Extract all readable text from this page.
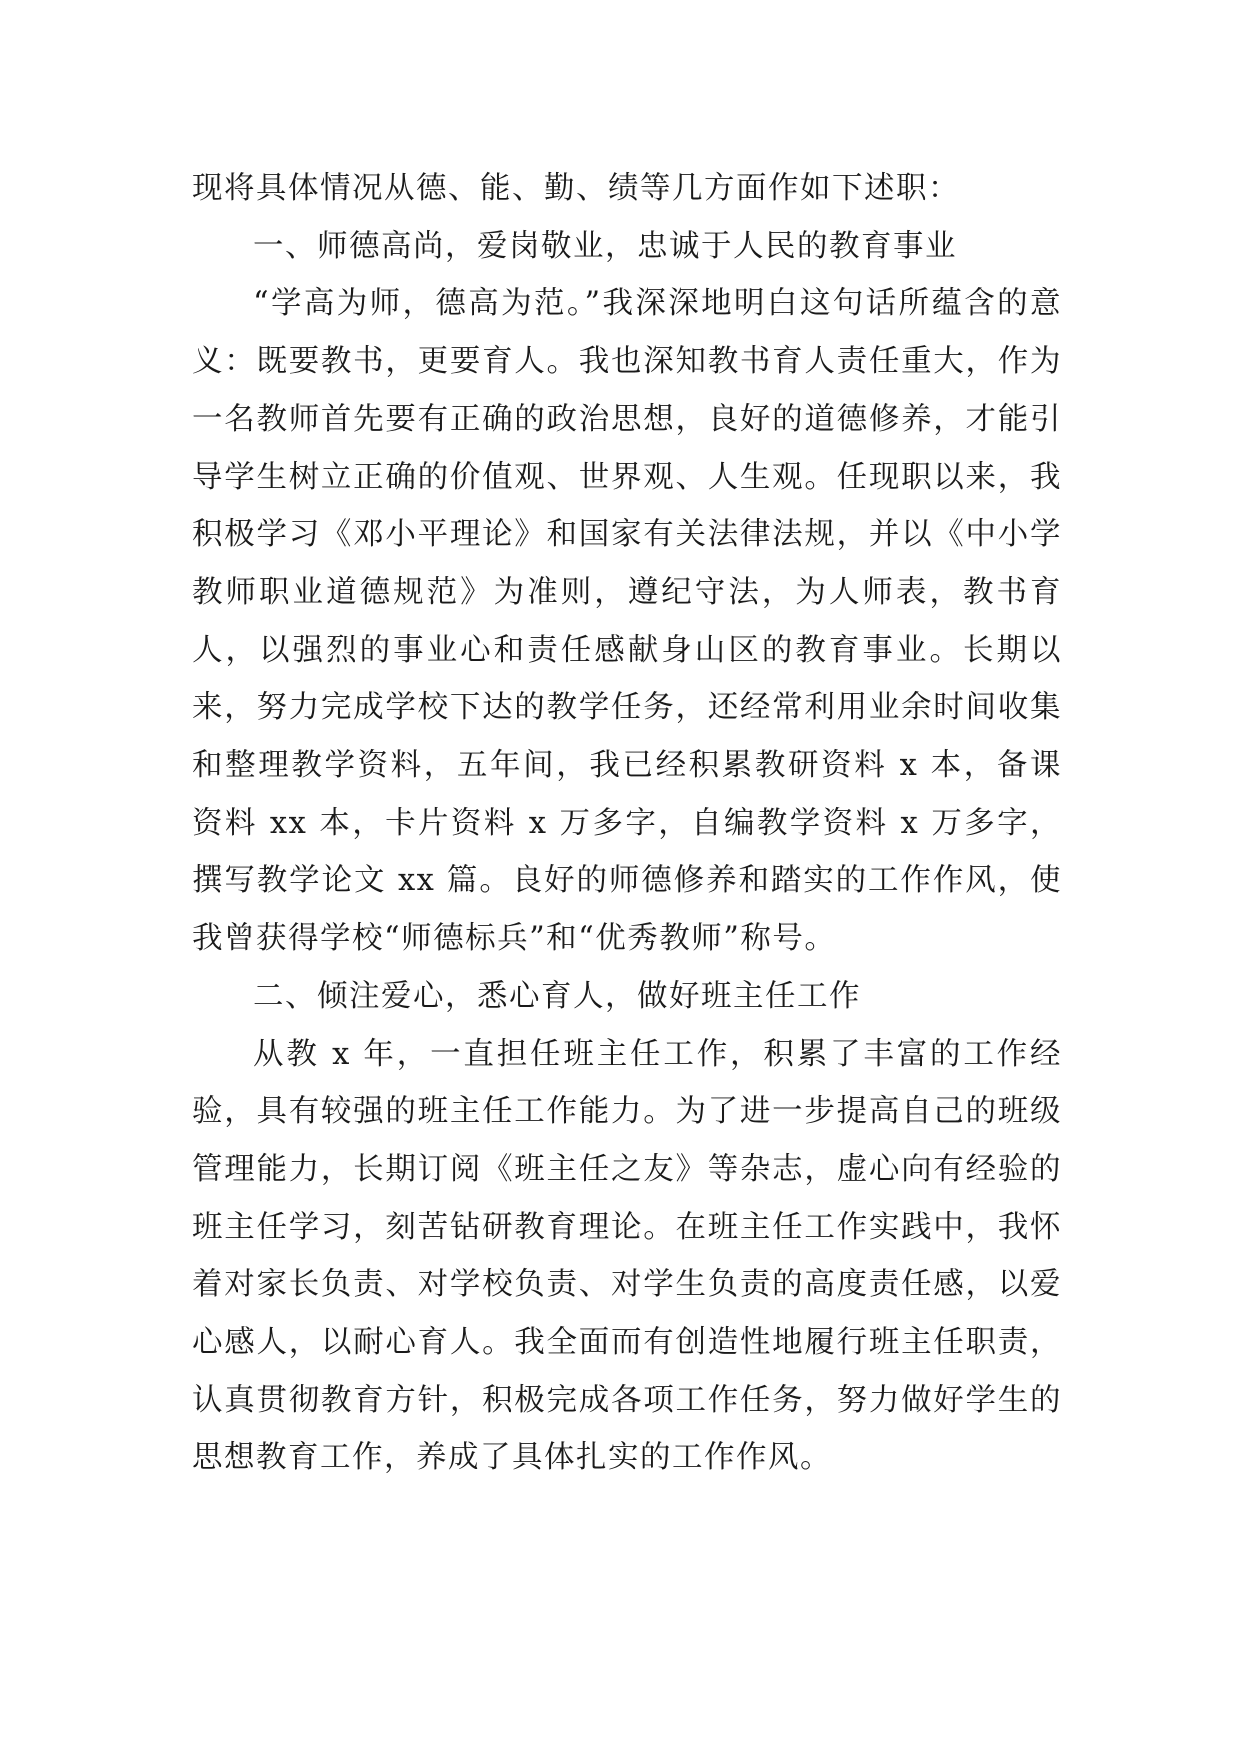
现将具体情况从德、能、勤、绩等几方面作如下述职：

一、师德高尚，爱岗敬业，忠诚于人民的教育事业

“学高为师，德高为范。”我深深地明白这句话所蕴含的意义：既要教书，更要育人。我也深知教书育人责任重大，作为一名教师首先要有正确的政治思想，良好的道德修养，才能引导学生树立正确的价值观、世界观、人生观。任现职以来，我积极学习《邓小平理论》和国家有关法律法规，并以《中小学教师职业道德规范》为准则，遵纪守法，为人师表，教书育人，以强烈的事业心和责任感献身山区的教育事业。长期以来，努力完成学校下达的教学任务，还经常利用业余时间收集和整理教学资料，五年间，我已经积累教研资料 x 本，备课资料 xx 本，卡片资料 x 万多字，自编教学资料 x 万多字，撰写教学论文 xx 篇。良好的师德修养和踏实的工作作风，使我曾获得学校“师德标兵”和“优秀教师”称号。

二、倾注爱心，悉心育人，做好班主任工作

从教 x 年，一直担任班主任工作，积累了丰富的工作经验，具有较强的班主任工作能力。为了进一步提高自己的班级管理能力，长期订阅《班主任之友》等杂志，虚心向有经验的班主任学习，刻苦钻研教育理论。在班主任工作实践中，我怀着对家长负责、对学校负责、对学生负责的高度责任感，以爱心感人，以耐心育人。我全面而有创造性地履行班主任职责，认真贯彻教育方针，积极完成各项工作任务，努力做好学生的思想教育工作，养成了具体扎实的工作作风。
